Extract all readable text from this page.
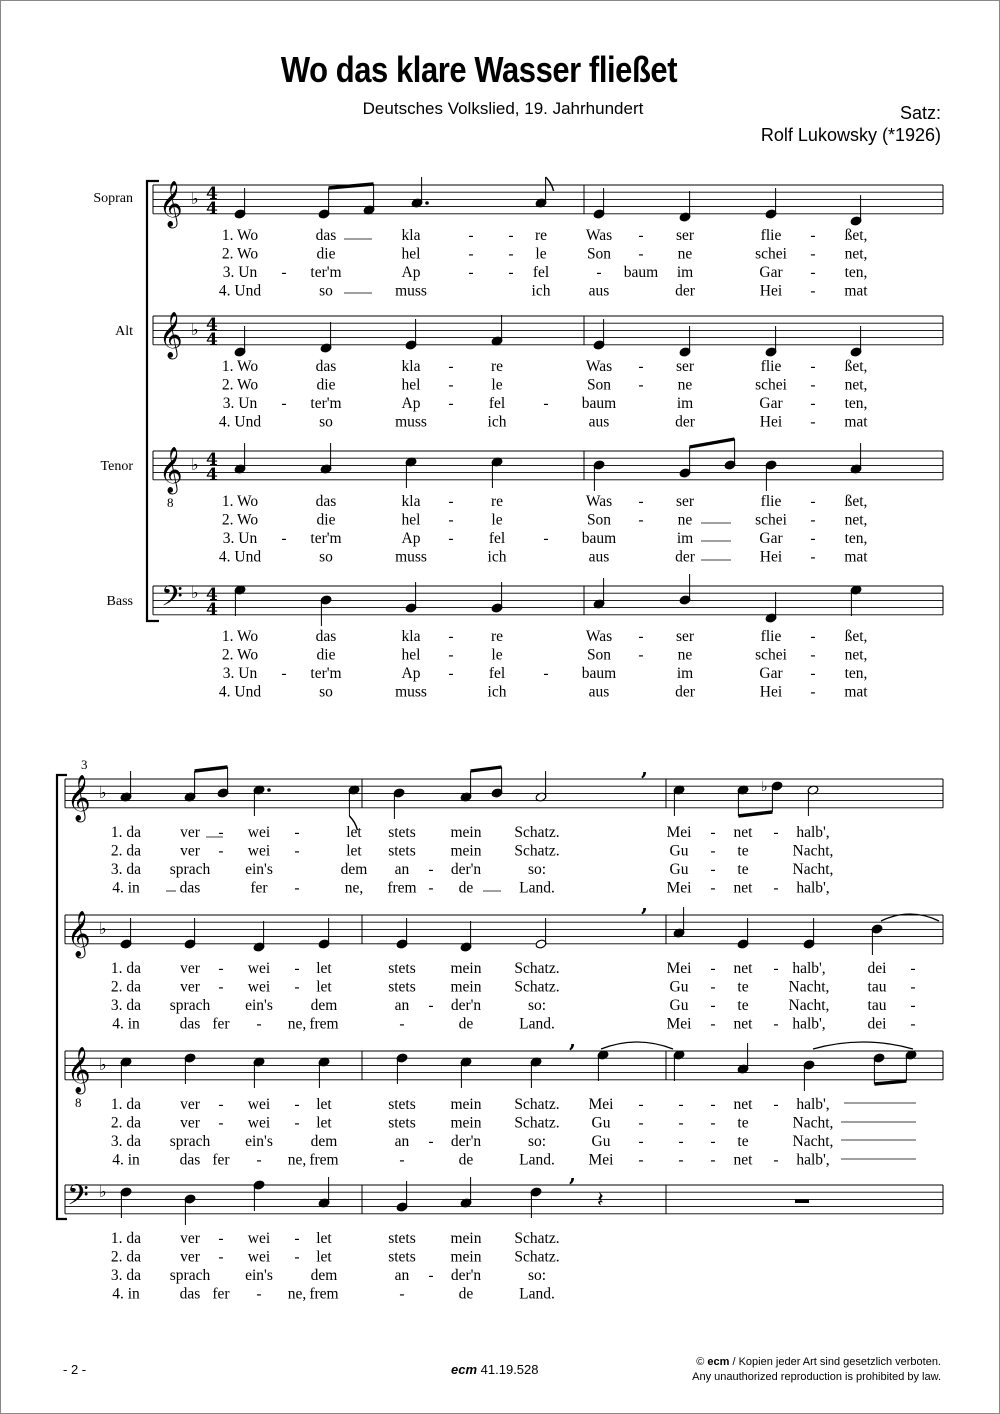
Wo das klare Wasser fließet
Deutsches Volkslied, 19. Jahrhundert	Satz:
Rolf Lukowsky (*1926)
Sopran 𝄞 ♭ 4
4
Alt 𝄞 ♭ 4
4
Tenor 𝄞
8
♭ 4
4
Bass 𝄢 ♭ 4
4
1. Wo	das	kla	- - re	Was - ser	flie - ßet,
2. Wo	die	hel	- - le	Son - ne	schei - net,
3. Un - ter'm	Ap	- - fel	- baum im	Gar - ten,
4. Und	so	muss	ich aus	der	Hei - mat
1. Wo	das	kla - re	Was - ser	flie - ßet,
2. Wo	die	hel - le	Son - ne	schei - net,
3. Un - ter'm	Ap - fel - baum	im	Gar - ten,
4. Und	so	muss	ich	aus	der	Hei - mat
1. Wo	das	kla - re	Was - ser	flie - ßet,
2. Wo	die	hel - le	Son - ne	schei - net,
3. Un - ter'm	Ap - fel - baum	im	Gar - ten,
4. Und	so	muss	ich	aus	der	Hei - mat
1. Wo	das	kla - re	Was - ser	flie - ßet,
2. Wo	die	hel - le	Son - ne	schei - net,
3. Un - ter'm	Ap - fel - baum	im	Gar - ten,
4. Und	so	muss	ich	aus	der	Hei - mat
3
𝄞 ♭
𝄞 ♭
𝄞
8
♭
𝄢 ♭
,
♭
,
,
,
𝄽
1. da	ver - wei -	let stets mein Schatz.	Mei - net - halb',
2. da	ver - wei -	let stets mein Schatz.	Gu - te	Nacht,
3. da sprach ein's	dem an - der'n	so:	Gu - te	Nacht,
4. in	das	fer -	ne, frem - de	Land.	Mei - net - halb',
1. da	ver - wei - let	stets mein Schatz.	Mei - net - halb',	dei -
2. da	ver - wei - let	stets mein Schatz.	Gu - te	Nacht, tau -
3. da sprach ein's dem	an - der'n	so:	Gu - te	Nacht, tau -
4. in	das fer - ne, frem	-	de	Land.	Mei - net - halb',	dei -
1. da	ver - wei - let	stets mein Schatz. Mei - - - net - halb',
2. da	ver - wei - let	stets mein Schatz. Gu - - - te	Nacht,
3. da sprach ein's dem	an - der'n	so:	Gu - - - te	Nacht,
4. in	das fer - ne, frem	-	de	Land. Mei - - - net - halb',
1. da	ver - wei - let	stets mein Schatz.
2. da	ver - wei - let	stets mein Schatz.
3. da sprach ein's dem	an - der'n	so:
4. in	das fer - ne, frem	-	de	Land.
- 2 -	ecm 41.19.528	© ecm / Kopien jeder Art sind gesetzlich verboten.
Any unauthorized reproduction is prohibited by law.
